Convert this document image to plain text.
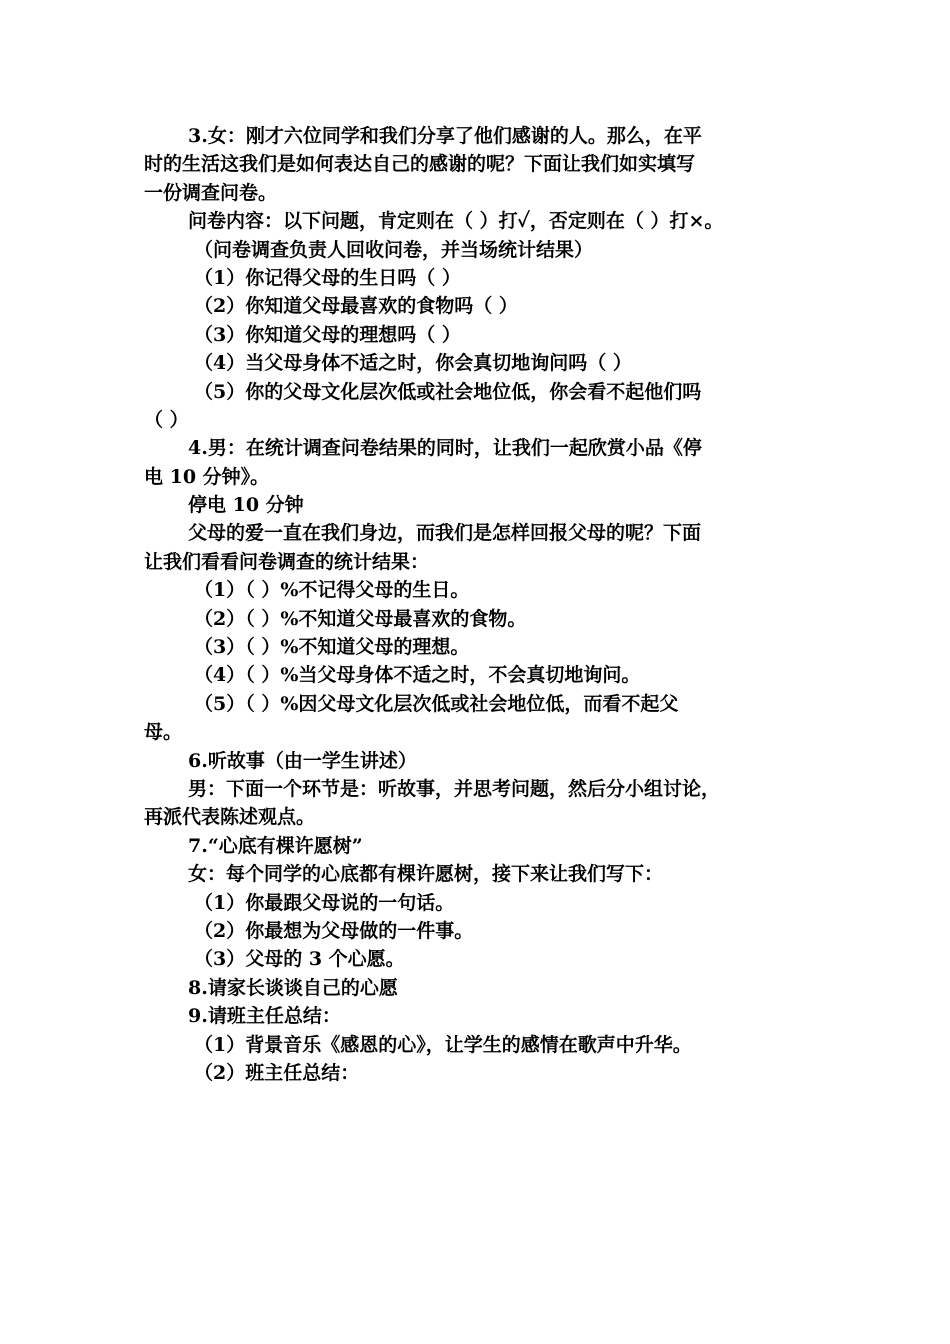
3.女：刚才六位同学和我们分享了他们感谢的人。那么，在平
时的生活这我们是如何表达自己的感谢的呢？下面让我们如实填写
一份调查问卷。
问卷内容：以下问题，肯定则在（ ）打✓，否定则在（ ）打×。
（问卷调查负责人回收问卷，并当场统计结果）
（1）你记得父母的生日吗（ ）
（2）你知道父母最喜欢的食物吗（ ）
（3）你知道父母的理想吗（ ）
（4）当父母身体不适之时，你会真切地询问吗（ ）
（5）你的父母文化层次低或社会地位低，你会看不起他们吗
（ ）
4.男：在统计调查问卷结果的同时，让我们一起欣赏小品《停
电 10 分钟》。
停电 10 分钟
父母的爱一直在我们身边，而我们是怎样回报父母的呢？下面
让我们看看问卷调查的统计结果：
（1）（ ）%不记得父母的生日。
（2）（ ）%不知道父母最喜欢的食物。
（3）（ ）%不知道父母的理想。
（4）（ ）%当父母身体不适之时，不会真切地询问。
（5）（ ）%因父母文化层次低或社会地位低，而看不起父
母。
6.听故事（由一学生讲述）
男：下面一个环节是：听故事，并思考问题，然后分小组讨论，
再派代表陈述观点。
7.“心底有棵许愿树”
女：每个同学的心底都有棵许愿树，接下来让我们写下：
（1）你最跟父母说的一句话。
（2）你最想为父母做的一件事。
（3）父母的 3 个心愿。
8.请家长谈谈自己的心愿
9.请班主任总结：
（1）背景音乐《感恩的心》，让学生的感情在歌声中升华。
（2）班主任总结：
